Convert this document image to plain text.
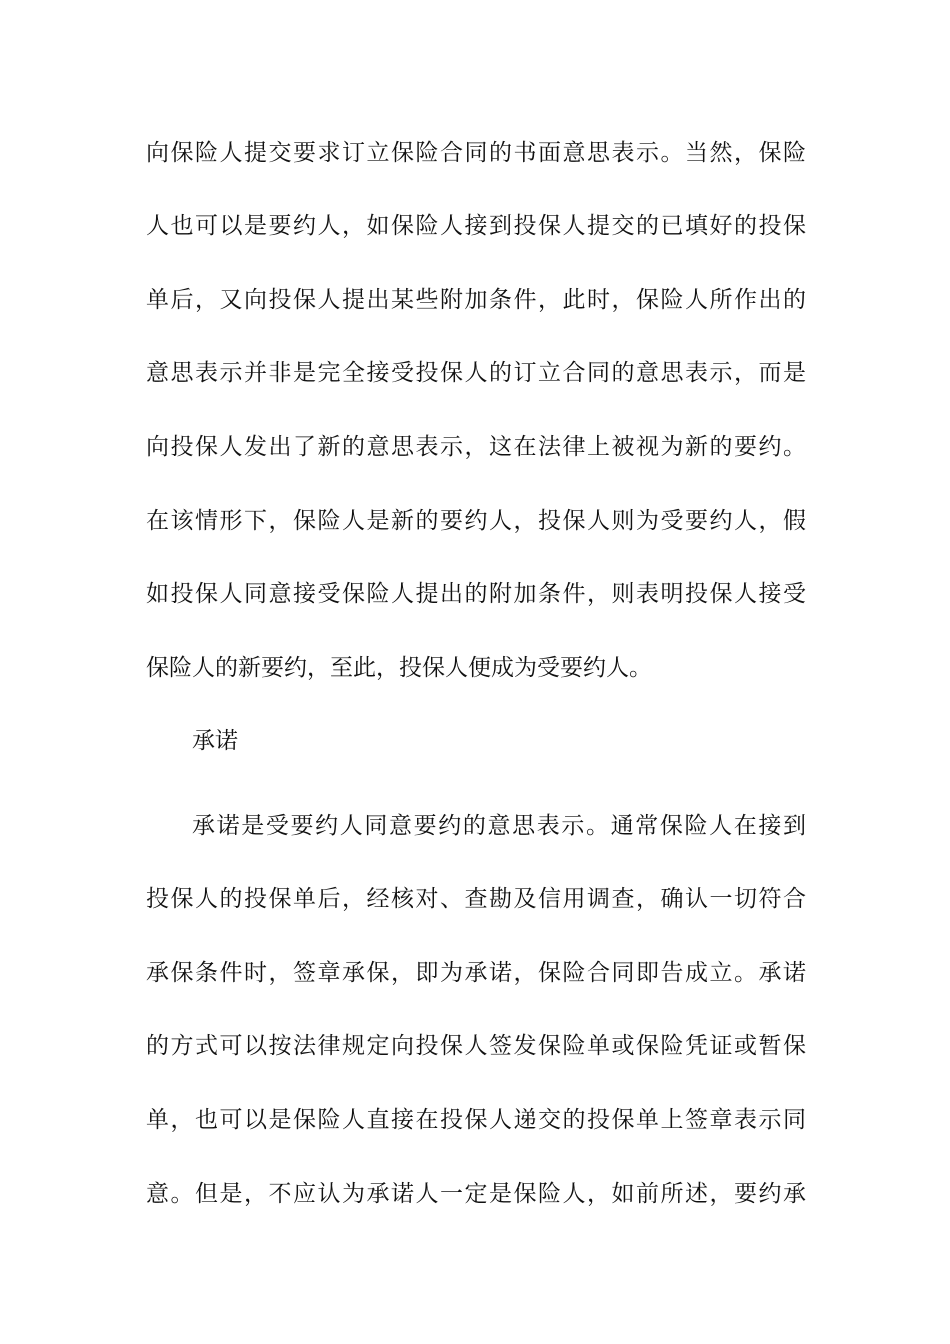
向保险人提交要求订立保险合同的书面意思表示。当然，保险
人也可以是要约人，如保险人接到投保人提交的已填好的投保
单后，又向投保人提出某些附加条件，此时，保险人所作出的
意思表示并非是完全接受投保人的订立合同的意思表示，而是
向投保人发出了新的意思表示，这在法律上被视为新的要约。
在该情形下，保险人是新的要约人，投保人则为受要约人，假
如投保人同意接受保险人提出的附加条件，则表明投保人接受
保险人的新要约，至此，投保人便成为受要约人。
承诺
承诺是受要约人同意要约的意思表示。通常保险人在接到
投保人的投保单后，经核对、查勘及信用调查，确认一切符合
承保条件时，签章承保，即为承诺，保险合同即告成立。承诺
的方式可以按法律规定向投保人签发保险单或保险凭证或暂保
单，也可以是保险人直接在投保人递交的投保单上签章表示同
意。但是，不应认为承诺人一定是保险人，如前所述，要约承
